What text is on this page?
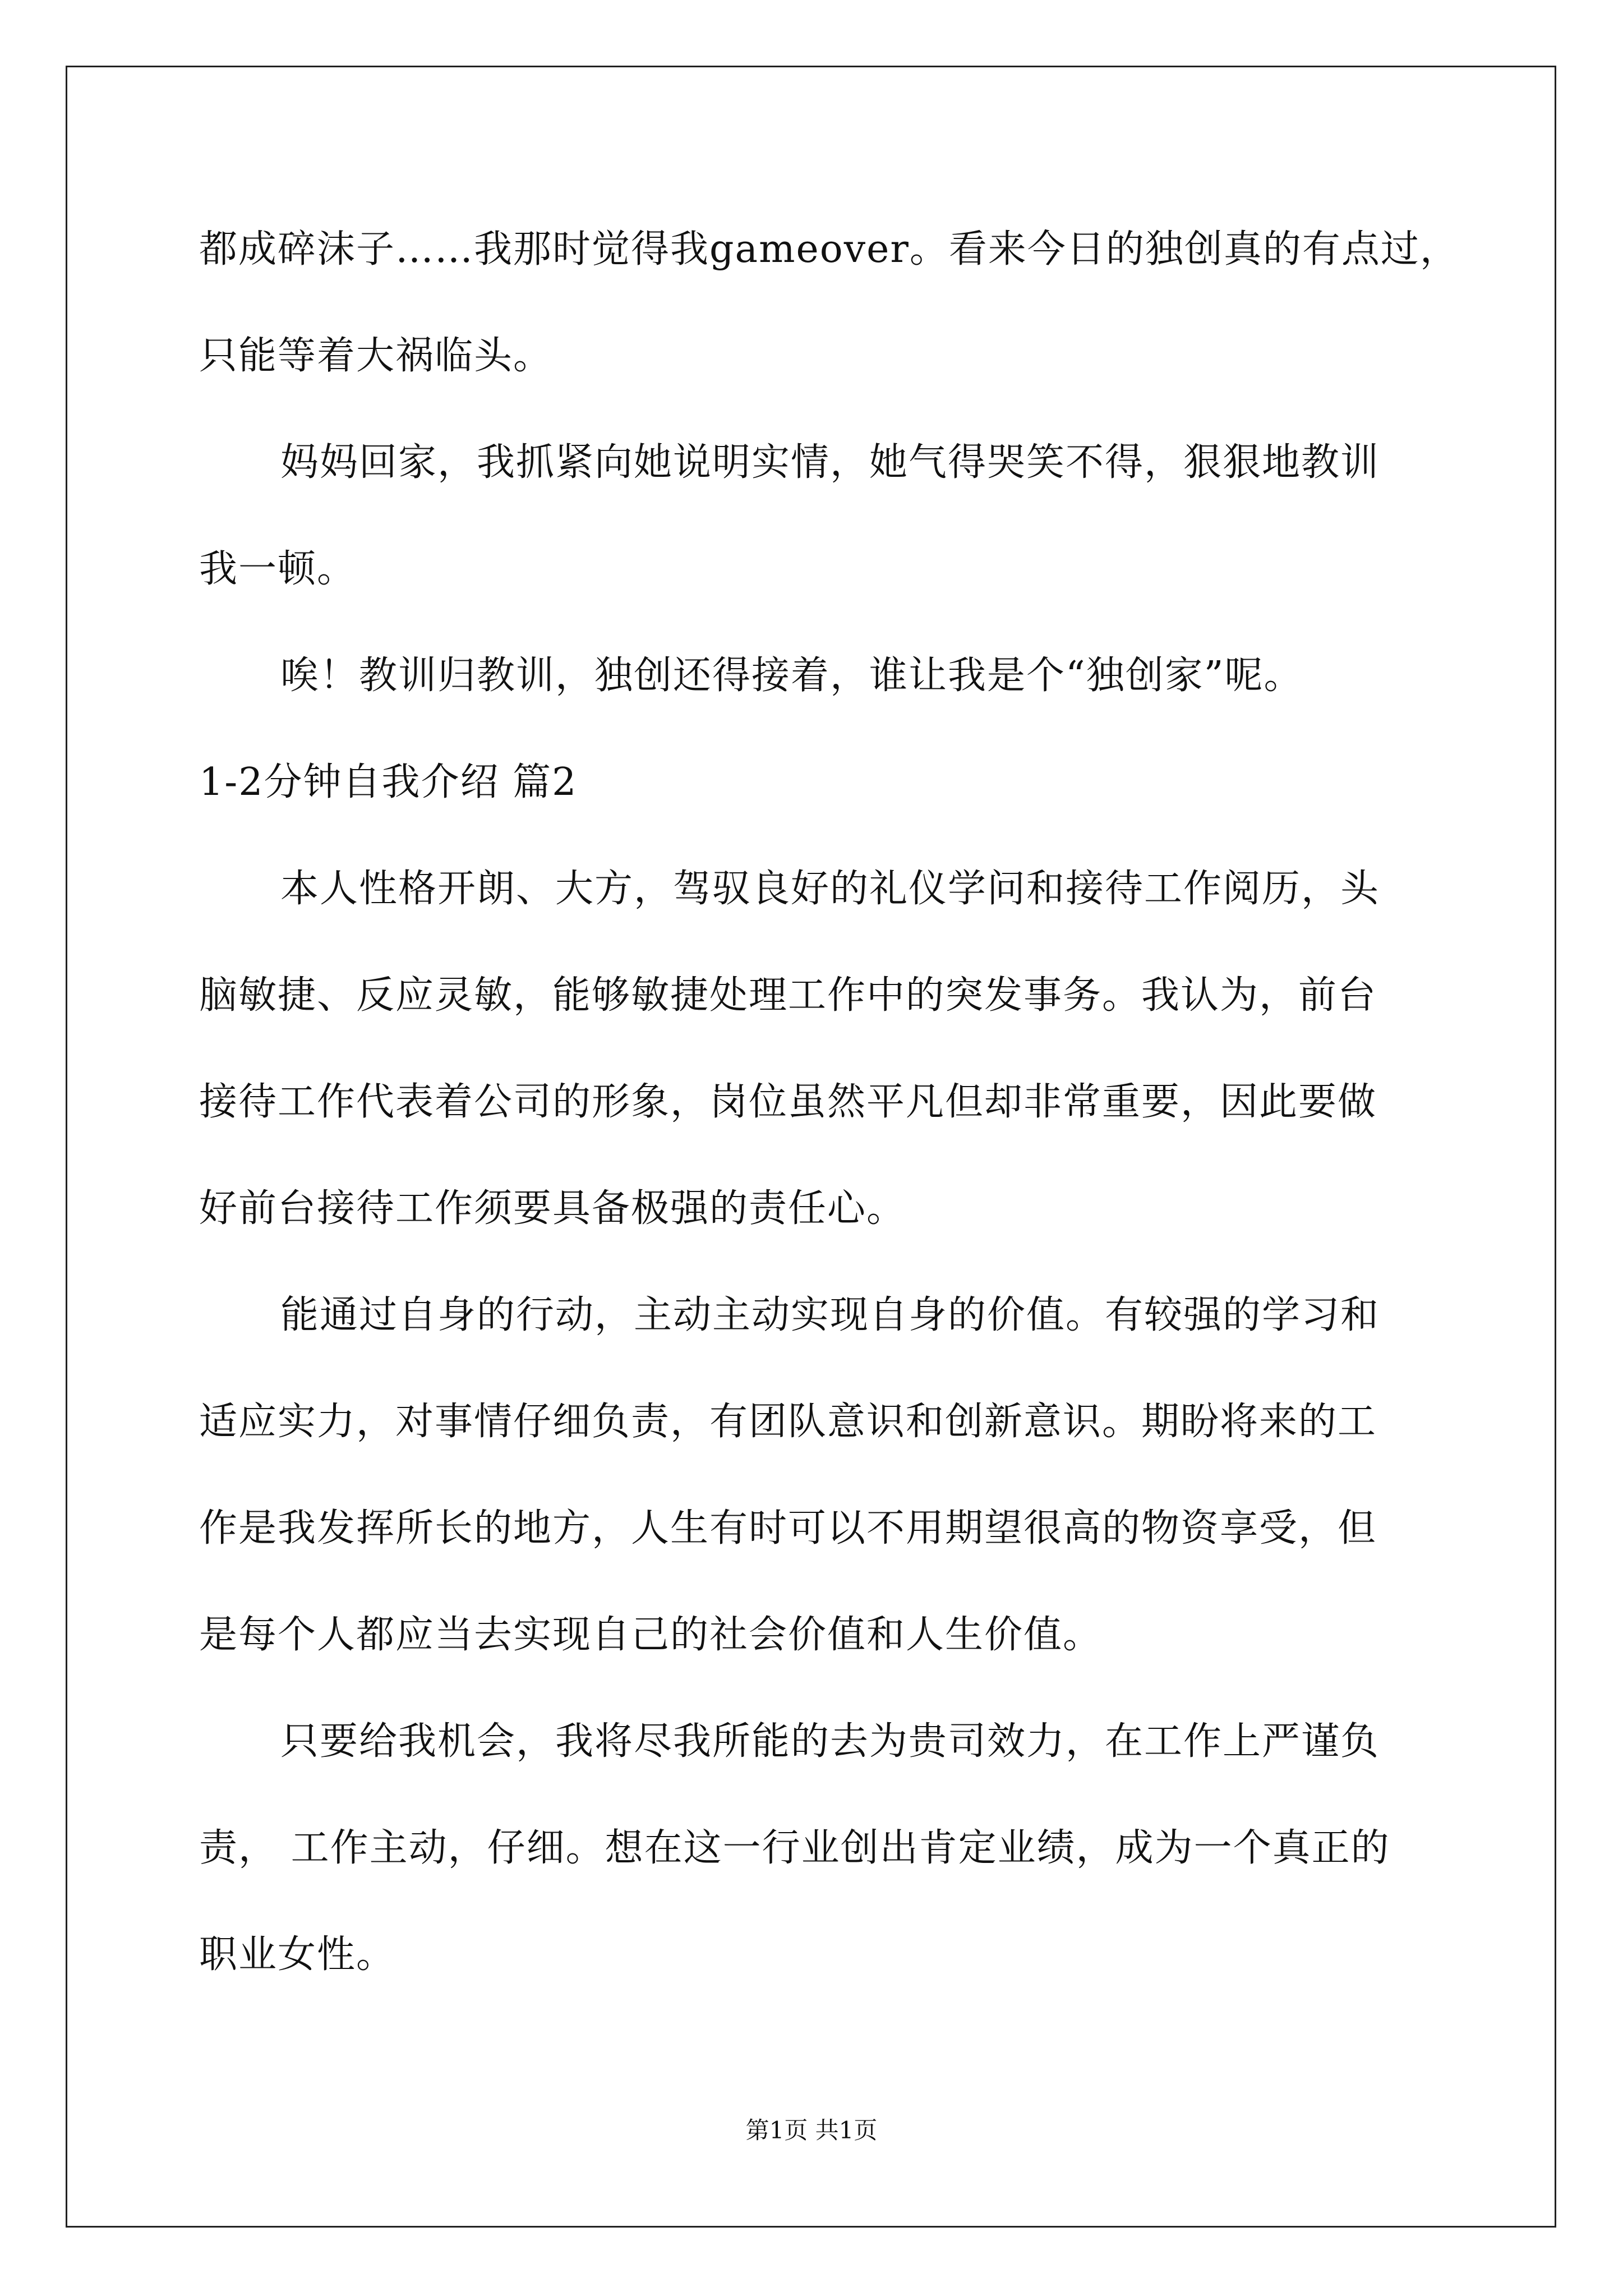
都成碎沫子……我那时觉得我gameover。看来今日的独创真的有点过，
只能等着大祸临头。
妈妈回家，我抓紧向她说明实情，她气得哭笑不得，狠狠地教训
我一顿。
唉！教训归教训，独创还得接着，谁让我是个“独创家”呢。
1-2分钟自我介绍 篇2
本人性格开朗、大方，驾驭良好的礼仪学问和接待工作阅历，头
脑敏捷、反应灵敏，能够敏捷处理工作中的突发事务。我认为，前台
接待工作代表着公司的形象，岗位虽然平凡但却非常重要，因此要做
好前台接待工作须要具备极强的责任心。
能通过自身的行动，主动主动实现自身的价值。有较强的学习和
适应实力，对事情仔细负责，有团队意识和创新意识。期盼将来的工
作是我发挥所长的地方，人生有时可以不用期望很高的物资享受，但
是每个人都应当去实现自己的社会价值和人生价值。
只要给我机会，我将尽我所能的去为贵司效力，在工作上严谨负
责， 工作主动，仔细。想在这一行业创出肯定业绩，成为一个真正的
职业女性。
第1页 共1页
